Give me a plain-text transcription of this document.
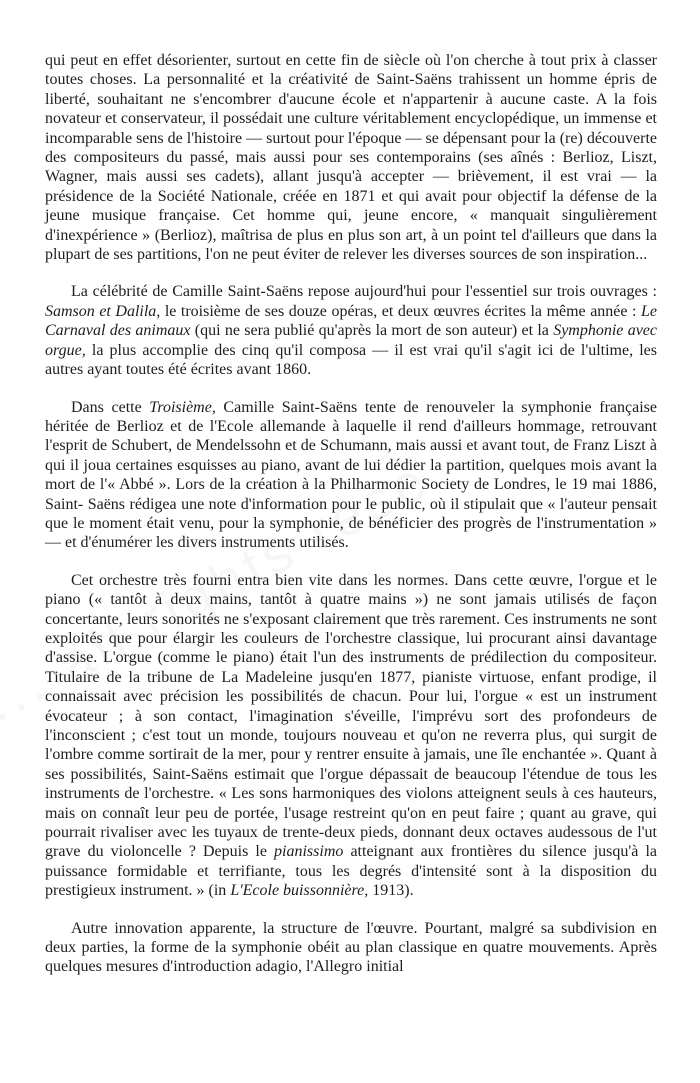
qui peut en effet désorienter, surtout en cette fin de siècle où l'on cherche à tout prix à classer toutes choses. La personnalité et la créativité de Saint-Saëns trahissent un homme épris de liberté, souhaitant ne s'encombrer d'aucune école et n'appartenir à aucune caste. A la fois novateur et conservateur, il possédait une culture véritablement encyclopédique, un immense et incomparable sens de l'histoire — surtout pour l'époque — se dépensant pour la (re) découverte des compositeurs du passé, mais aussi pour ses contemporains (ses aînés : Berlioz, Liszt, Wagner, mais aussi ses cadets), allant jusqu'à accepter — brièvement, il est vrai — la présidence de la Société Nationale, créée en 1871 et qui avait pour objectif la défense de la jeune musique française. Cet homme qui, jeune encore, « manquait singulièrement d'inexpérience » (Berlioz), maîtrisa de plus en plus son art, à un point tel d'ailleurs que dans la plupart de ses partitions, l'on ne peut éviter de relever les diverses sources de son inspiration...

La célébrité de Camille Saint-Saëns repose aujourd'hui pour l'essentiel sur trois ouvrages : Samson et Dalila, le troisième de ses douze opéras, et deux œuvres écrites la même année : Le Carnaval des animaux (qui ne sera publié qu'après la mort de son auteur) et la Symphonie avec orgue, la plus accomplie des cinq qu'il composa — il est vrai qu'il s'agit ici de l'ultime, les autres ayant toutes été écrites avant 1860.

Dans cette Troisième, Camille Saint-Saëns tente de renouveler la symphonie française héritée de Berlioz et de l'Ecole allemande à laquelle il rend d'ailleurs hommage, retrouvant l'esprit de Schubert, de Mendelssohn et de Schumann, mais aussi et avant tout, de Franz Liszt à qui il joua certaines esquisses au piano, avant de lui dédier la partition, quelques mois avant la mort de l'« Abbé ». Lors de la création à la Philharmonic Society de Londres, le 19 mai 1886, Saint- Saëns rédigea une note d'information pour le public, où il stipulait que « l'auteur pensait que le moment était venu, pour la symphonie, de bénéficier des progrès de l'instrumentation » — et d'énumérer les divers instruments utilisés.

Cet orchestre très fourni entra bien vite dans les normes. Dans cette œuvre, l'orgue et le piano (« tantôt à deux mains, tantôt à quatre mains ») ne sont jamais utilisés de façon concertante, leurs sonorités ne s'exposant clairement que très rarement. Ces instruments ne sont exploités que pour élargir les couleurs de l'orchestre classique, lui procurant ainsi davantage d'assise. L'orgue (comme le piano) était l'un des instruments de prédilection du compositeur. Titulaire de la tribune de La Madeleine jusqu'en 1877, pianiste virtuose, enfant prodige, il connaissait avec précision les possibilités de chacun. Pour lui, l'orgue « est un instrument évocateur ; à son contact, l'imagination s'éveille, l'imprévu sort des profondeurs de l'inconscient ; c'est tout un monde, toujours nouveau et qu'on ne reverra plus, qui surgit de l'ombre comme sortirait de la mer, pour y rentrer ensuite à jamais, une île enchantée ». Quant à ses possibilités, Saint-Saëns estimait que l'orgue dépassait de beaucoup l'étendue de tous les instruments de l'orchestre. « Les sons harmoniques des violons atteignent seuls à ces hauteurs, mais on connaît leur peu de portée, l'usage restreint qu'on en peut faire ; quant au grave, qui pourrait rivaliser avec les tuyaux de trente-deux pieds, donnant deux octaves audessous de l'ut grave du violoncelle ? Depuis le pianissimo atteignant aux frontières du silence jusqu'à la puissance formidable et terrifiante, tous les degrés d'intensité sont à la disposition du prestigieux instrument. » (in L'Ecole buissonnière, 1913).

Autre innovation apparente, la structure de l'œuvre. Pourtant, malgré sa subdivision en deux parties, la forme de la symphonie obéit au plan classique en quatre mouvements. Après quelques mesures d'introduction adagio, l'Allegro initial
